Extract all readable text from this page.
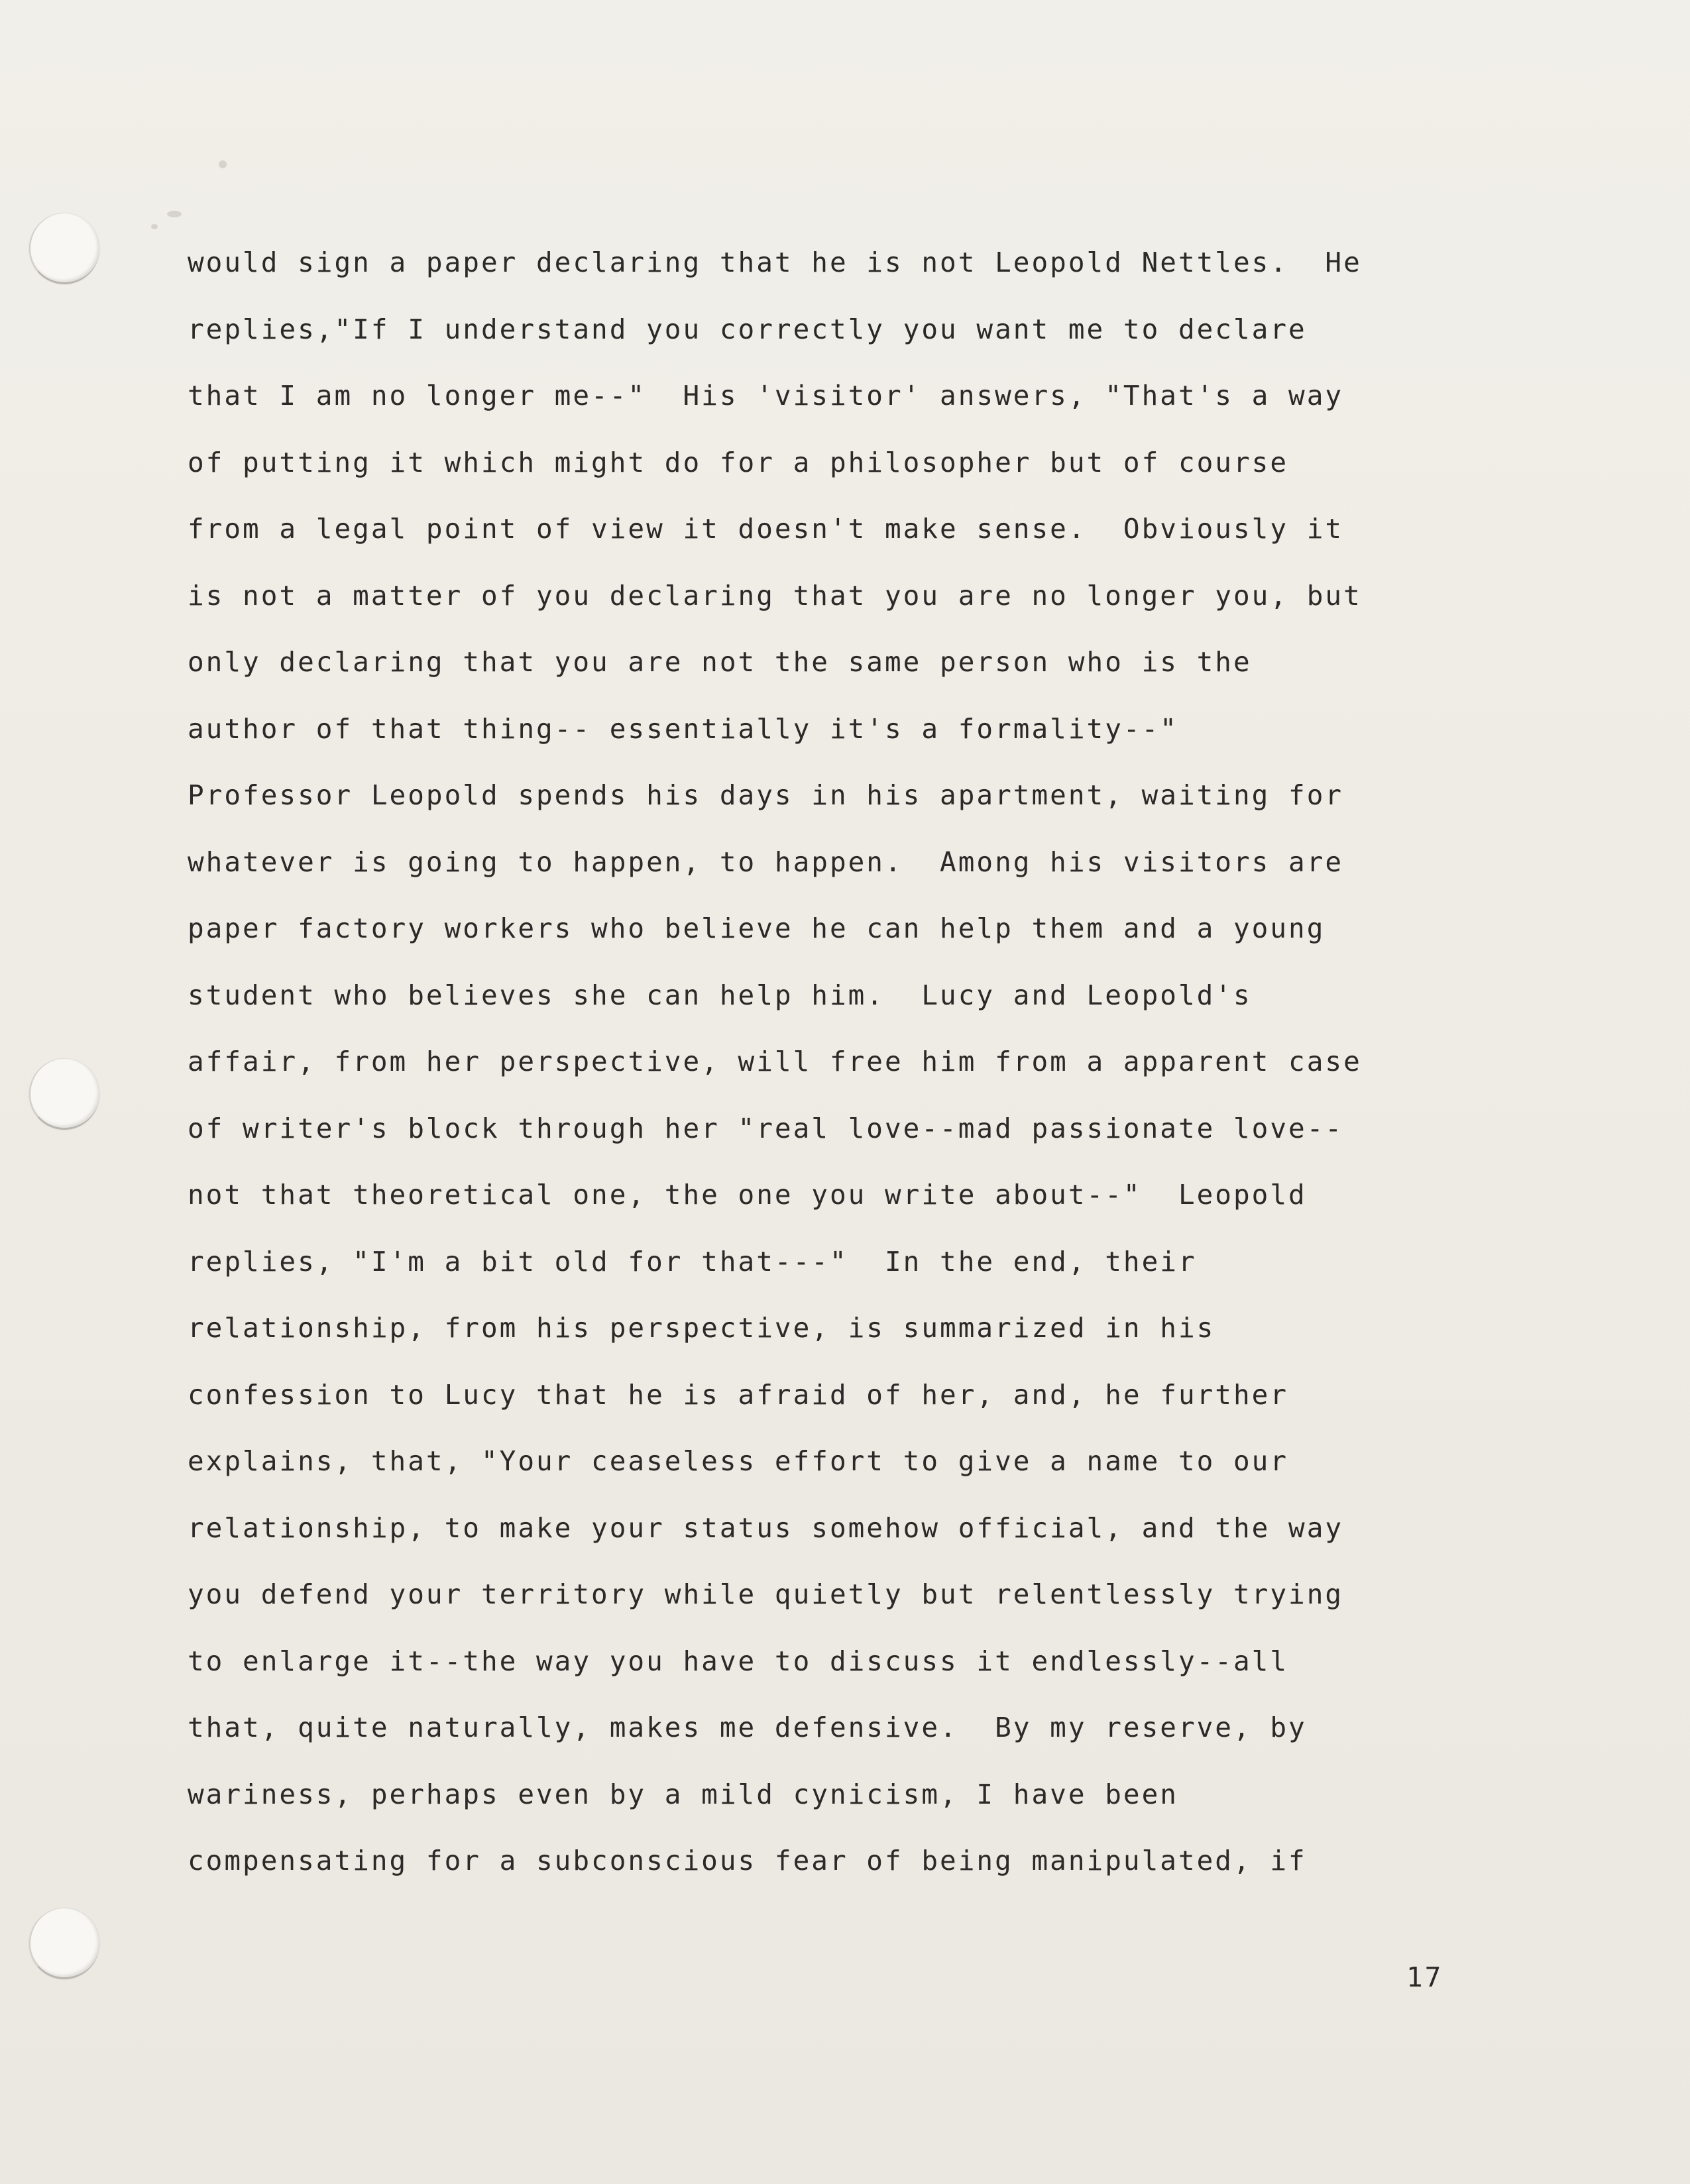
would sign a paper declaring that he is not Leopold Nettles.  He
replies,"If I understand you correctly you want me to declare
that I am no longer me--"  His 'visitor' answers, "That's a way
of putting it which might do for a philosopher but of course
from a legal point of view it doesn't make sense.  Obviously it
is not a matter of you declaring that you are no longer you, but
only declaring that you are not the same person who is the
author of that thing-- essentially it's a formality--"
Professor Leopold spends his days in his apartment, waiting for
whatever is going to happen, to happen.  Among his visitors are
paper factory workers who believe he can help them and a young
student who believes she can help him.  Lucy and Leopold's
affair, from her perspective, will free him from a apparent case
of writer's block through her "real love--mad passionate love--
not that theoretical one, the one you write about--"  Leopold
replies, "I'm a bit old for that---"  In the end, their
relationship, from his perspective, is summarized in his
confession to Lucy that he is afraid of her, and, he further
explains, that, "Your ceaseless effort to give a name to our
relationship, to make your status somehow official, and the way
you defend your territory while quietly but relentlessly trying
to enlarge it--the way you have to discuss it endlessly--all
that, quite naturally, makes me defensive.  By my reserve, by
wariness, perhaps even by a mild cynicism, I have been
compensating for a subconscious fear of being manipulated, if
17
